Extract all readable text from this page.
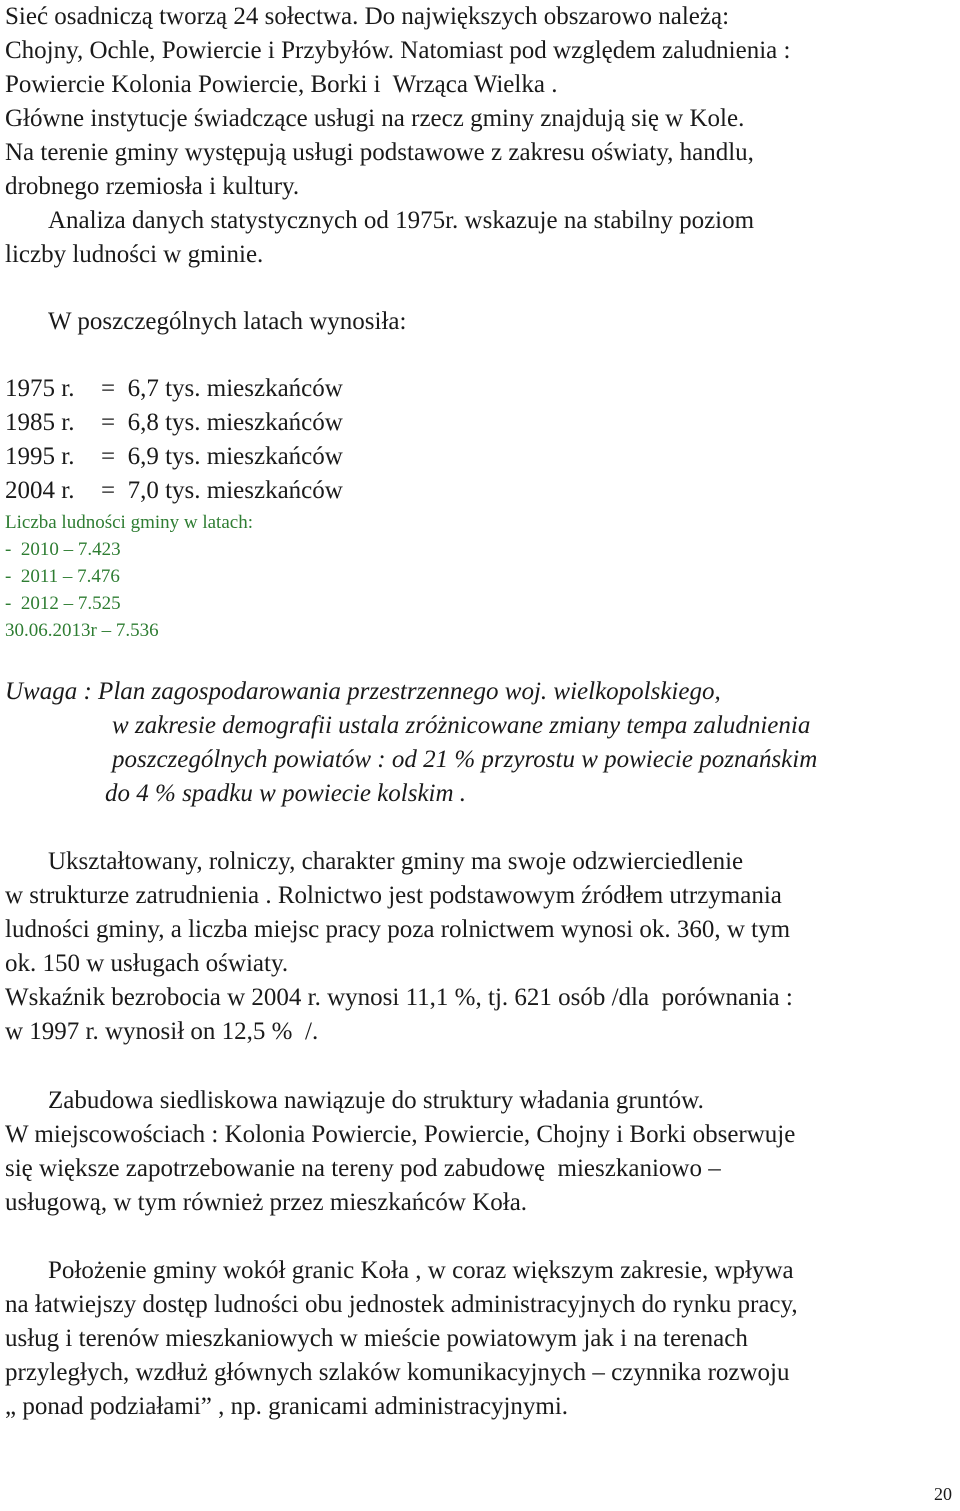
Sieć osadniczą tworzą 24 sołectwa. Do największych obszarowo należą:
Chojny, Ochle, Powiercie i Przybyłów. Natomiast pod względem zaludnienia :
Powiercie Kolonia Powiercie, Borki i  Wrząca Wielka .
Główne instytucje świadczące usługi na rzecz gminy znajdują się w Kole.
Na terenie gminy występują usługi podstawowe z zakresu oświaty, handlu,
drobnego rzemiosła i kultury.
Analiza danych statystycznych od 1975r. wskazuje na stabilny poziom
liczby ludności w gminie.
W poszczególnych latach wynosiła:
1975 r. =  6,7 tys. mieszkańców
1985 r. =  6,8 tys. mieszkańców
1995 r. =  6,9 tys. mieszkańców
2004 r. =  7,0 tys. mieszkańców
Liczba ludności gminy w latach:
-  2010 – 7.423
-  2011 – 7.476
-  2012 – 7.525
30.06.2013r – 7.536
Uwaga : Plan zagospodarowania przestrzennego woj. wielkopolskiego,
w zakresie demografii ustala zróżnicowane zmiany tempa zaludnienia
poszczególnych powiatów : od 21 % przyrostu w powiecie poznańskim
do 4 % spadku w powiecie kolskim .
Ukształtowany, rolniczy, charakter gminy ma swoje odzwierciedlenie
w strukturze zatrudnienia . Rolnictwo jest podstawowym źródłem utrzymania
ludności gminy, a liczba miejsc pracy poza rolnictwem wynosi ok. 360, w tym
ok. 150 w usługach oświaty.
Wskaźnik bezrobocia w 2004 r. wynosi 11,1 %, tj. 621 osób /dla  porównania :
w 1997 r. wynosił on 12,5 %  /.
Zabudowa siedliskowa nawiązuje do struktury władania gruntów.
W miejscowościach : Kolonia Powiercie, Powiercie, Chojny i Borki obserwuje
się większe zapotrzebowanie na tereny pod zabudowę  mieszkaniowo –
usługową, w tym również przez mieszkańców Koła.
Położenie gminy wokół granic Koła , w coraz większym zakresie, wpływa
na łatwiejszy dostęp ludności obu jednostek administracyjnych do rynku pracy,
usług i terenów mieszkaniowych w mieście powiatowym jak i na terenach
przyległych, wzdłuż głównych szlaków komunikacyjnych – czynnika rozwoju
„ ponad podziałami” , np. granicami administracyjnymi.
20
